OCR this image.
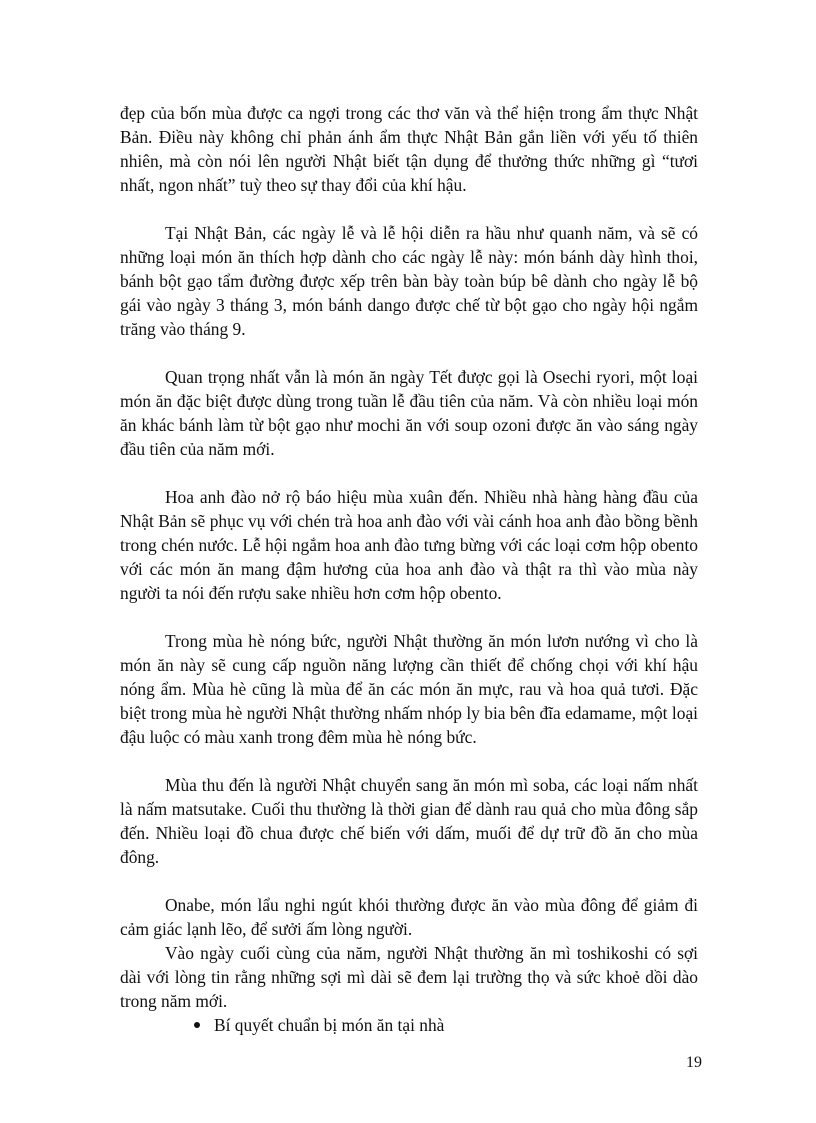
đẹp của bốn mùa được ca ngợi trong các thơ văn và thể hiện trong ẩm thực Nhật Bản. Điều này không chỉ phản ánh ẩm thực Nhật Bản gắn liền với yếu tố thiên nhiên, mà còn nói lên người Nhật biết tận dụng để thưởng thức những gì “tươi nhất, ngon nhất” tuỳ theo sự thay đổi của khí hậu.

Tại Nhật Bản, các ngày lễ và lễ hội diễn ra hầu như quanh năm, và sẽ có những loại món ăn thích hợp dành cho các ngày lễ này: món bánh dày hình thoi, bánh bột gạo tẩm đường được xếp trên bàn bày toàn búp bê dành cho ngày lễ bộ gái vào ngày 3 tháng 3, món bánh dango được chế từ bột gạo cho ngày hội ngắm trăng vào tháng 9.

Quan trọng nhất vẫn là món ăn ngày Tết được gọi là Osechi ryori, một loại món ăn đặc biệt được dùng trong tuần lễ đầu tiên của năm. Và còn nhiều loại món ăn khác bánh làm từ bột gạo như mochi ăn với soup ozoni được ăn vào sáng ngày đầu tiên của năm mới.

Hoa anh đào nở rộ báo hiệu mùa xuân đến. Nhiều nhà hàng hàng đầu của Nhật Bản sẽ phục vụ với chén trà hoa anh đào với vài cánh hoa anh đào bồng bềnh trong chén nước. Lễ hội ngắm hoa anh đào tưng bừng với các loại cơm hộp obento với các món ăn mang đậm hương của hoa anh đào và thật ra thì vào mùa này người ta nói đến rượu sake nhiều hơn cơm hộp obento.

Trong mùa hè nóng bức, người Nhật thường ăn món lươn nướng vì cho là món ăn này sẽ cung cấp nguồn năng lượng cần thiết để chống chọi với khí hậu nóng ẩm. Mùa hè cũng là mùa để ăn các món ăn mực, rau và hoa quả tươi. Đặc biệt trong mùa hè người Nhật thường nhấm nhóp ly bia bên đĩa edamame, một loại đậu luộc có màu xanh trong đêm mùa hè nóng bức.

Mùa thu đến là người Nhật chuyển sang ăn món mì soba, các loại nấm nhất là nấm matsutake. Cuối thu thường là thời gian để dành rau quả cho mùa đông sắp đến. Nhiều loại đồ chua được chế biến với dấm, muối để dự trữ đồ ăn cho mùa đông.

Onabe, món lẩu nghi ngút khói thường được ăn vào mùa đông để giảm đi cảm giác lạnh lẽo, để sưởi ấm lòng người.

Vào ngày cuối cùng của năm, người Nhật thường ăn mì toshikoshi có sợi dài với lòng tin rằng những sợi mì dài sẽ đem lại trường thọ và sức khoẻ dồi dào trong năm mới.

Bí quyết chuẩn bị món ăn tại nhà

19
